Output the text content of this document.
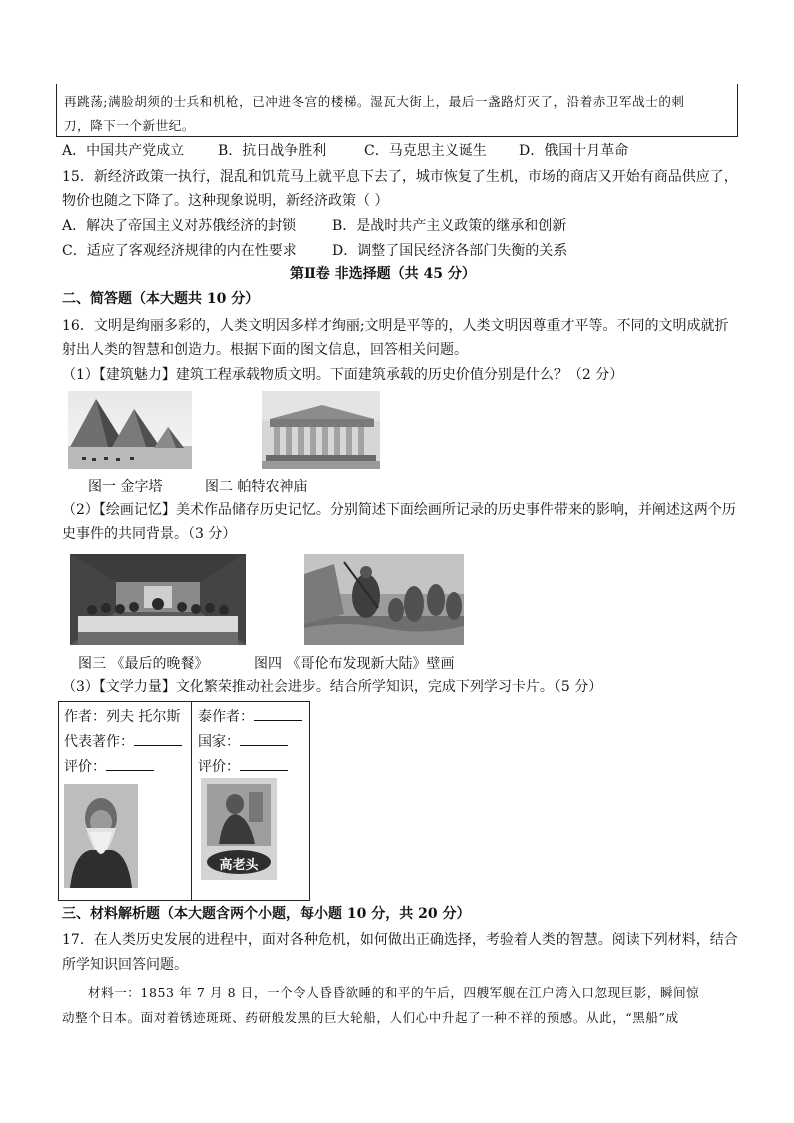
再跳荡;满脸胡须的士兵和机枪，已冲进冬宫的楼梯。湿瓦大街上，最后一盏路灯灭了，沿着赤卫军战士的刺
刀，降下一个新世纪。
A．中国共产党成立 B．抗日战争胜利	C．马克思主义诞生 D．俄国十月革命
15．新经济政策一执行，混乱和饥荒马上就平息下去了，城市恢复了生机，市场的商店又开始有商品供应了，
物价也随之下降了。这种现象说明，新经济政策（ ）
A．解决了帝国主义对苏俄经济的封锁	B．是战时共产主义政策的继承和创新
C．适应了客观经济规律的内在性要求	D．调整了国民经济各部门失衡的关系
第Ⅱ卷 非选择题（共 45 分）
二、简答题（本大题共 10 分）
16．文明是绚丽多彩的，人类文明因多样才绚丽;文明是平等的，人类文明因尊重才平等。不同的文明成就折
射出人类的智慧和创造力。根据下面的图文信息，回答相关问题。
（1）【建筑魅力】建筑工程承载物质文明。下面建筑承载的历史价值分别是什么？（2 分）
图一 金字塔	图二 帕特农神庙
（2）【绘画记忆】美术作品储存历史记忆。分别简述下面绘画所记录的历史事件带来的影响，并阐述这两个历
史事件的共同背景。（3 分）
图三 《最后的晚餐》	图四 《哥伦布发现新大陆》壁画
（3）【文学力量】文化繁荣推动社会进步。结合所学知识，完成下列学习卡片。（5 分）
作者：列夫 托尔斯
代表著作：
评价：
泰作者：
国家：
评价：
高老头
三、材料解析题（本大题含两个小题，每小题 10 分，共 20 分）
17．在人类历史发展的进程中，面对各种危机，如何做出正确选择，考验着人类的智慧。阅读下列材料，结合
所学知识回答问题。
材料一：1853 年 7 月 8 日，一个令人昏昏欲睡的和平的午后，四艘军舰在江户湾入口忽现巨影，瞬间惊
动整个日本。面对着锈迹斑斑、药研般发黑的巨大轮船，人们心中升起了一种不祥的预感。从此，“黑船”成
